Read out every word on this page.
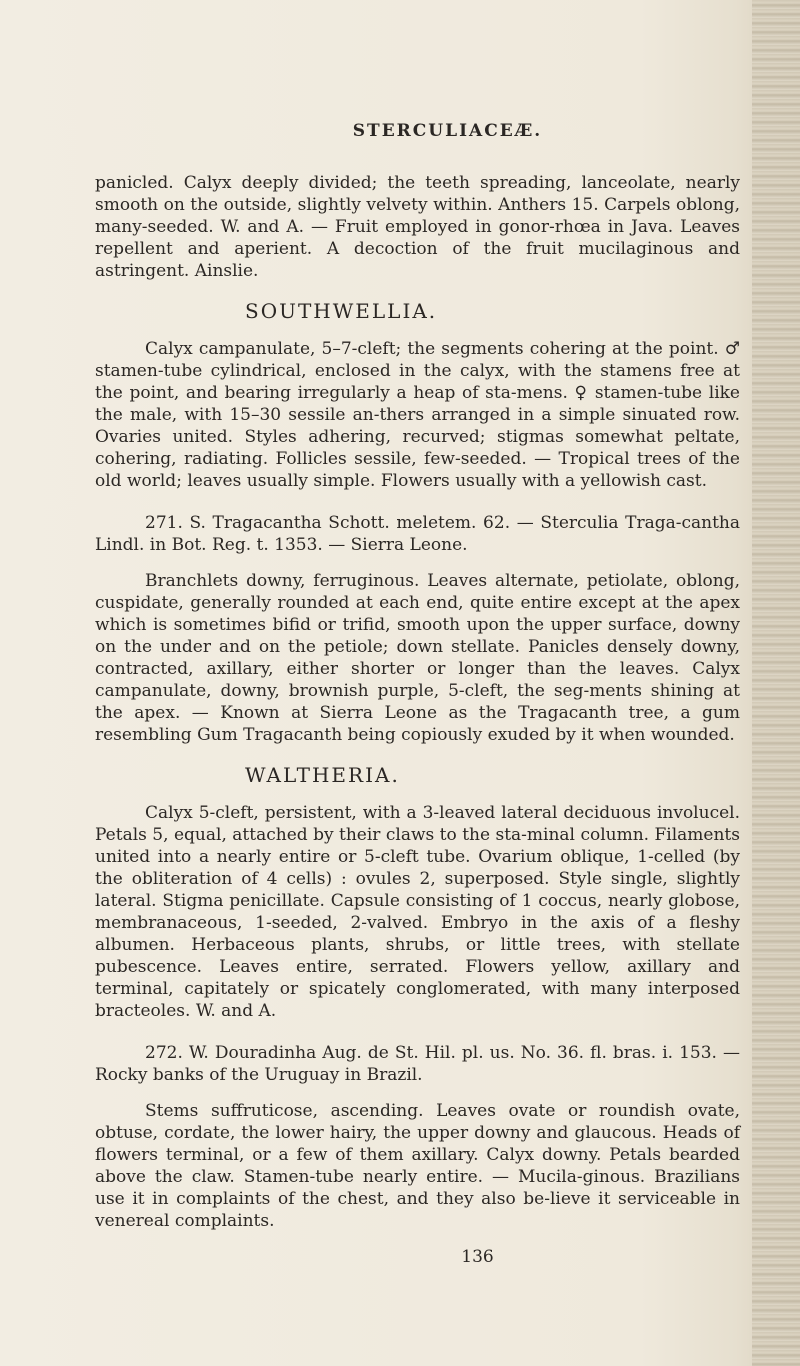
STERCULIACEÆ.

panicled. Calyx deeply divided; the teeth spreading, lanceolate, nearly smooth on the outside, slightly velvety within. Anthers 15. Carpels oblong, many-seeded. W. and A. — Fruit employed in gonor-rhœa in Java. Leaves repellent and aperient. A decoction of the fruit mucilaginous and astringent. Ainslie.

SOUTHWELLIA.

Calyx campanulate, 5–7-cleft; the segments cohering at the point. ♂ stamen-tube cylindrical, enclosed in the calyx, with the stamens free at the point, and bearing irregularly a heap of sta-mens. ♀ stamen-tube like the male, with 15–30 sessile an-thers arranged in a simple sinuated row. Ovaries united. Styles adhering, recurved; stigmas somewhat peltate, cohering, radiating. Follicles sessile, few-seeded. — Tropical trees of the old world; leaves usually simple. Flowers usually with a yellowish cast.

271. S. Tragacantha Schott. meletem. 62. — Sterculia Traga-cantha Lindl. in Bot. Reg. t. 1353. — Sierra Leone.

Branchlets downy, ferruginous. Leaves alternate, petiolate, oblong, cuspidate, generally rounded at each end, quite entire except at the apex which is sometimes bifid or trifid, smooth upon the upper surface, downy on the under and on the petiole; down stellate. Panicles densely downy, contracted, axillary, either shorter or longer than the leaves. Calyx campanulate, downy, brownish purple, 5-cleft, the seg-ments shining at the apex. — Known at Sierra Leone as the Tragacanth tree, a gum resembling Gum Tragacanth being copiously exuded by it when wounded.

WALTHERIA.

Calyx 5-cleft, persistent, with a 3-leaved lateral deciduous involucel. Petals 5, equal, attached by their claws to the sta-minal column. Filaments united into a nearly entire or 5-cleft tube. Ovarium oblique, 1-celled (by the obliteration of 4 cells) : ovules 2, superposed. Style single, slightly lateral. Stigma penicillate. Capsule consisting of 1 coccus, nearly globose, membranaceous, 1-seeded, 2-valved. Embryo in the axis of a fleshy albumen. Herbaceous plants, shrubs, or little trees, with stellate pubescence. Leaves entire, serrated. Flowers yellow, axillary and terminal, capitately or spicately conglomerated, with many interposed bracteoles. W. and A.

272. W. Douradinha Aug. de St. Hil. pl. us. No. 36. fl. bras. i. 153. — Rocky banks of the Uruguay in Brazil.

Stems suffruticose, ascending. Leaves ovate or roundish ovate, obtuse, cordate, the lower hairy, the upper downy and glaucous. Heads of flowers terminal, or a few of them axillary. Calyx downy. Petals bearded above the claw. Stamen-tube nearly entire. — Mucila-ginous. Brazilians use it in complaints of the chest, and they also be-lieve it serviceable in venereal complaints.

136
